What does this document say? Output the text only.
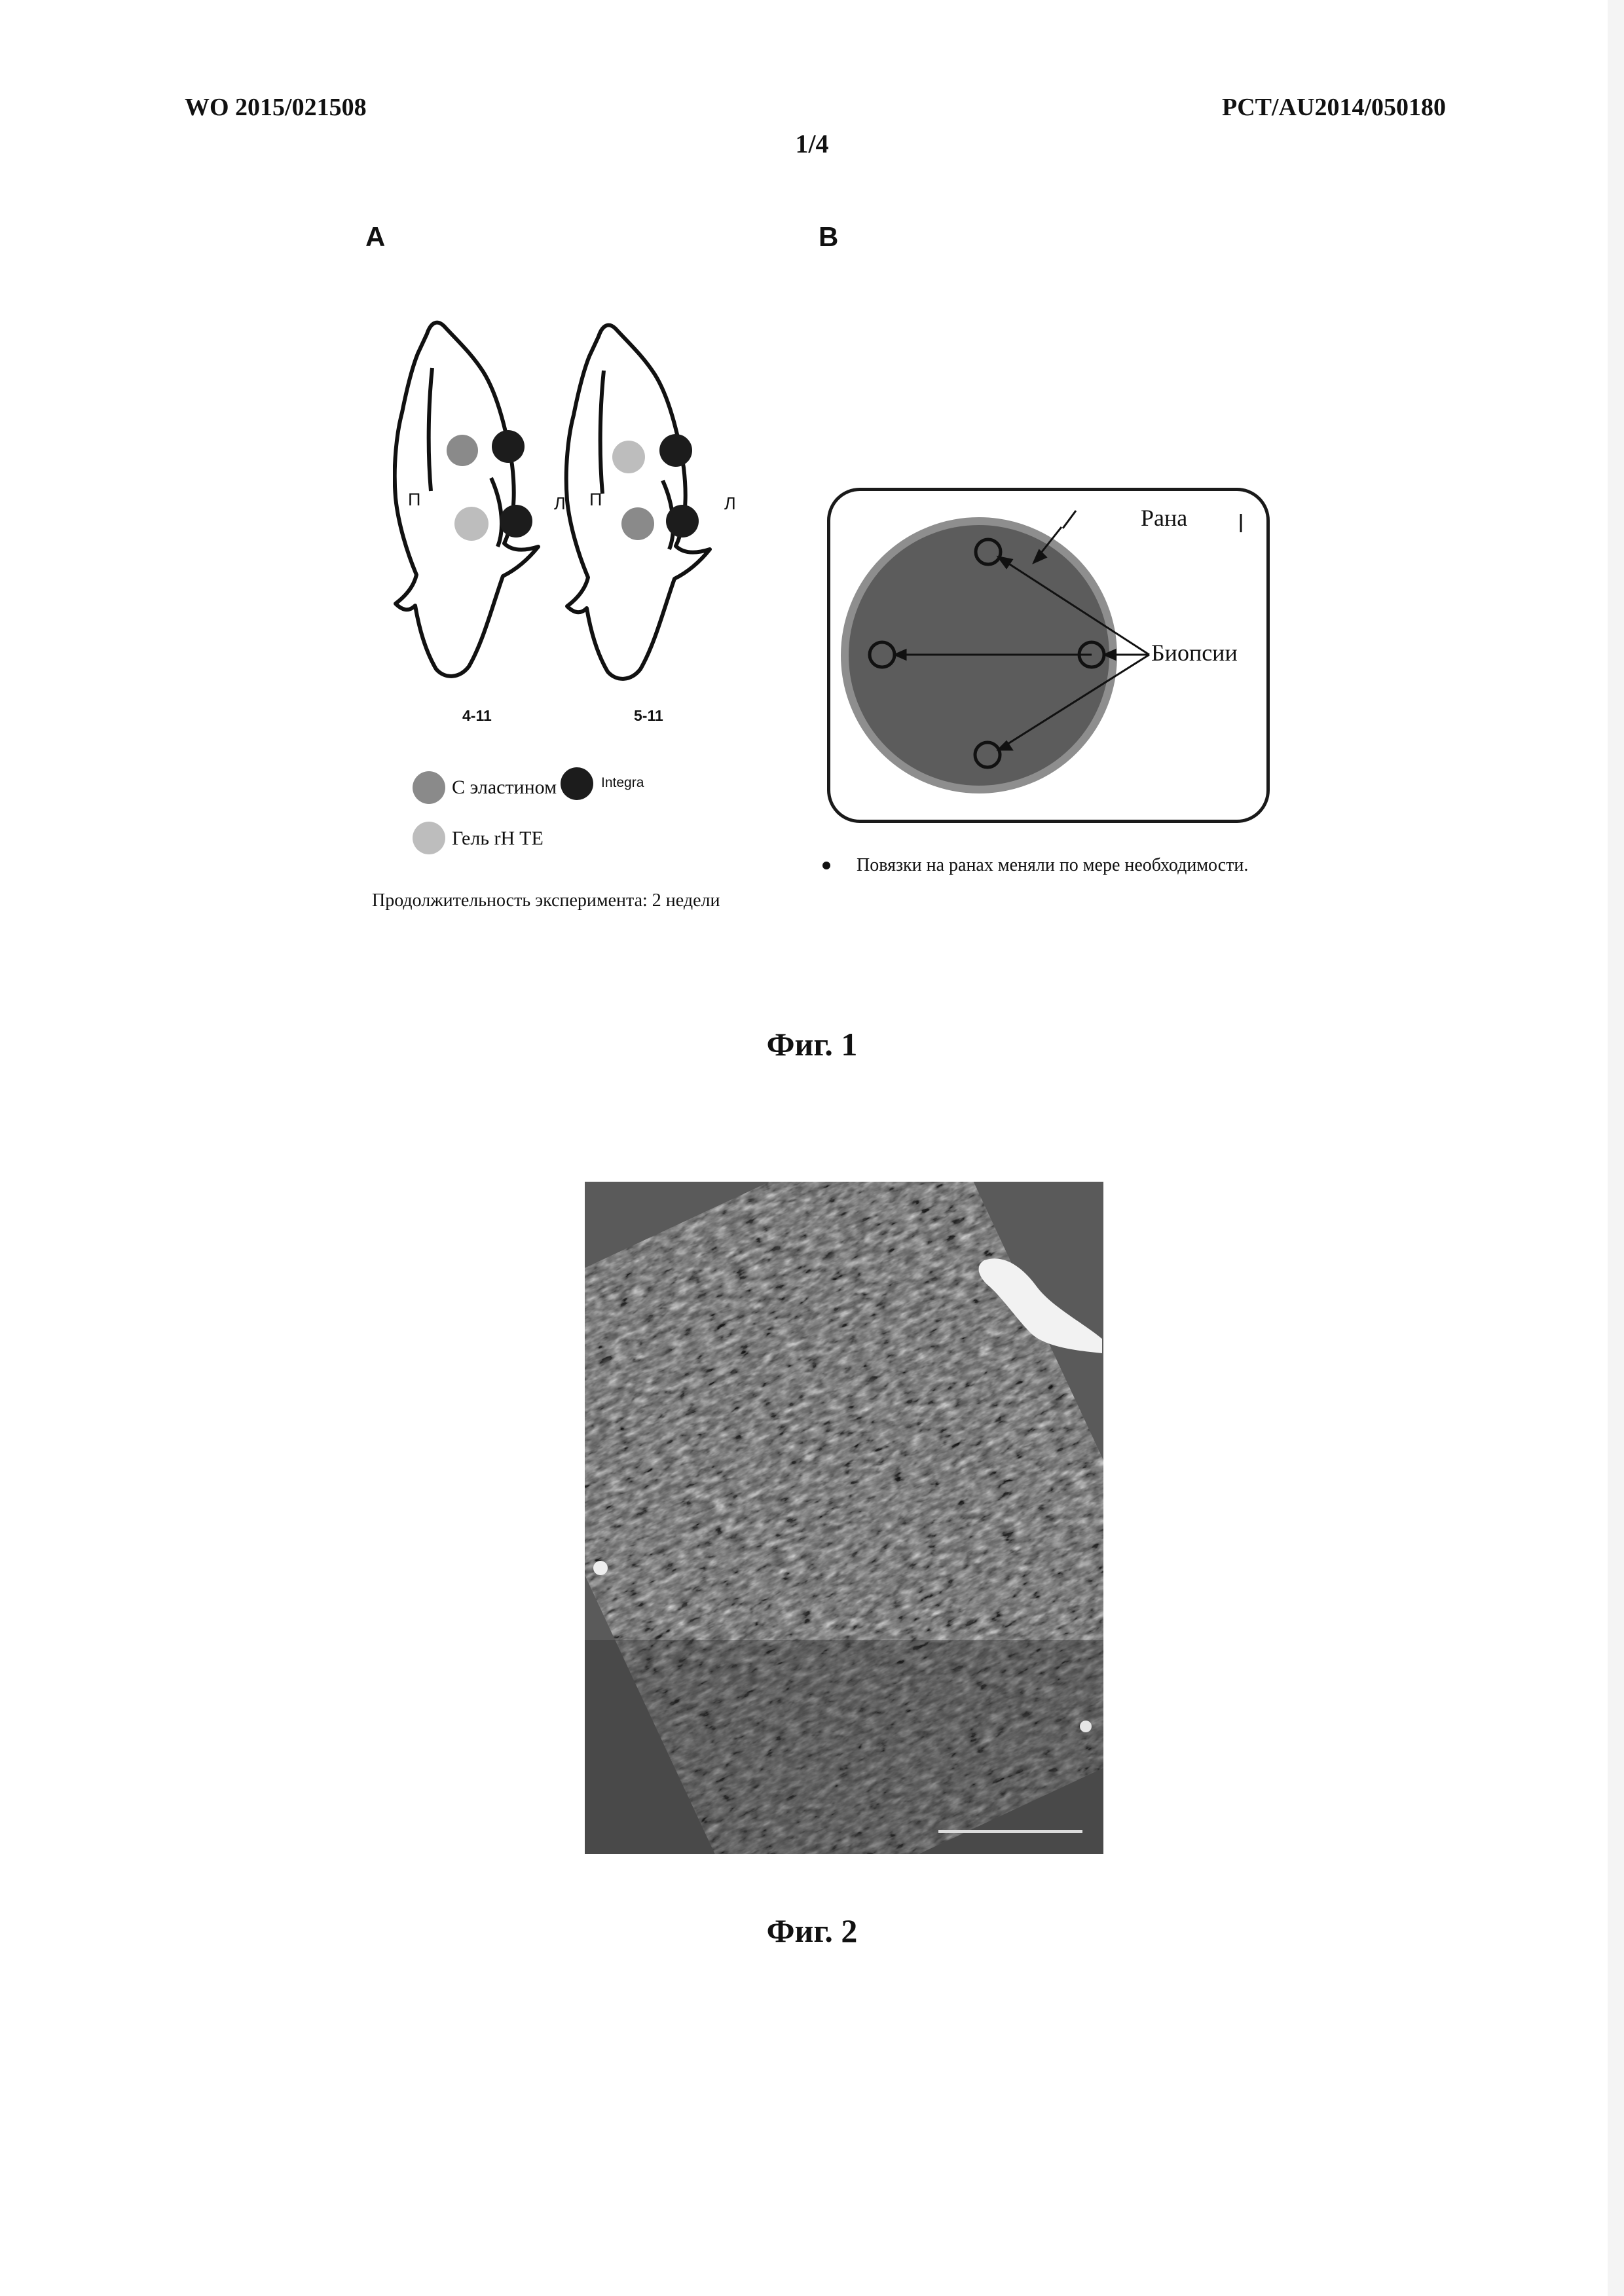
WO 2015/021508	PCT/AU2014/050180
1/4
A	B
П	Л П	Л
4-11	5-11
С эластином	Integra
Гель rH TE
Продолжительность эксперимента: 2 недели
Рана
Биопсии
Повязки на ранах меняли по мере необходимости.
Фиг. 1
Фиг. 2
